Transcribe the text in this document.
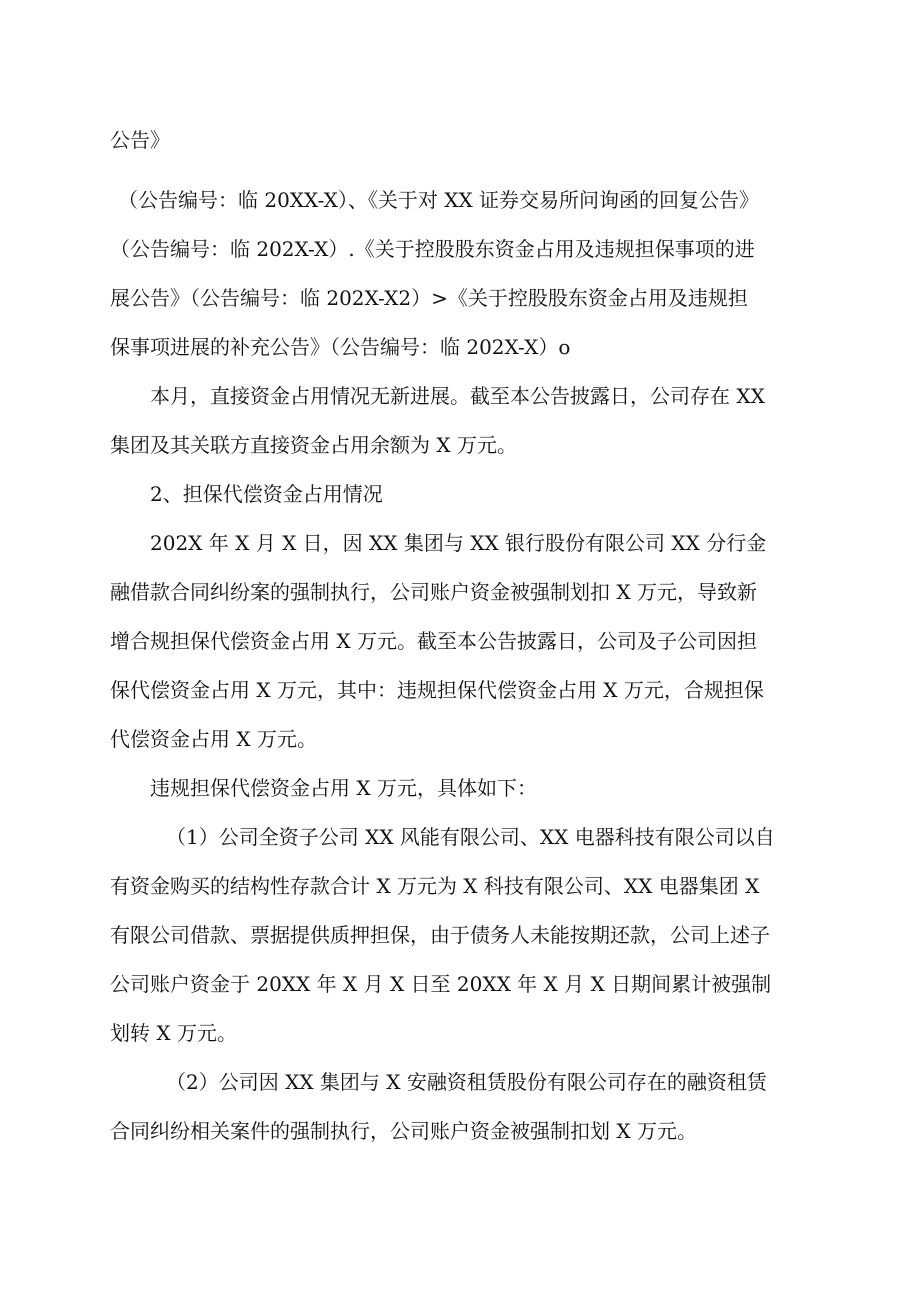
公告》
（公告编号：临 20XX-X）、《关于对 XX 证券交易所问询函的回复公告》
（公告编号：临 202X-X）.《关于控股股东资金占用及违规担保事项的进
展公告》（公告编号：临 202X-X2）>《关于控股股东资金占用及违规担
保事项进展的补充公告》（公告编号：临 202X-X）o
本月，直接资金占用情况无新进展。截至本公告披露日，公司存在 XX
集团及其关联方直接资金占用余额为 X 万元。
2、担保代偿资金占用情况
202X 年 X 月 X 日，因 XX 集团与 XX 银行股份有限公司 XX 分行金
融借款合同纠纷案的强制执行，公司账户资金被强制划扣 X 万元，导致新
增合规担保代偿资金占用 X 万元。截至本公告披露日，公司及子公司因担
保代偿资金占用 X 万元，其中：违规担保代偿资金占用 X 万元，合规担保
代偿资金占用 X 万元。
违规担保代偿资金占用 X 万元，具体如下：
（1）公司全资子公司 XX 风能有限公司、XX 电器科技有限公司以自
有资金购买的结构性存款合计 X 万元为 X 科技有限公司、XX 电器集团 X
有限公司借款、票据提供质押担保，由于债务人未能按期还款，公司上述子
公司账户资金于 20XX 年 X 月 X 日至 20XX 年 X 月 X 日期间累计被强制
划转 X 万元。
（2）公司因 XX 集团与 X 安融资租赁股份有限公司存在的融资租赁
合同纠纷相关案件的强制执行，公司账户资金被强制扣划 X 万元。
